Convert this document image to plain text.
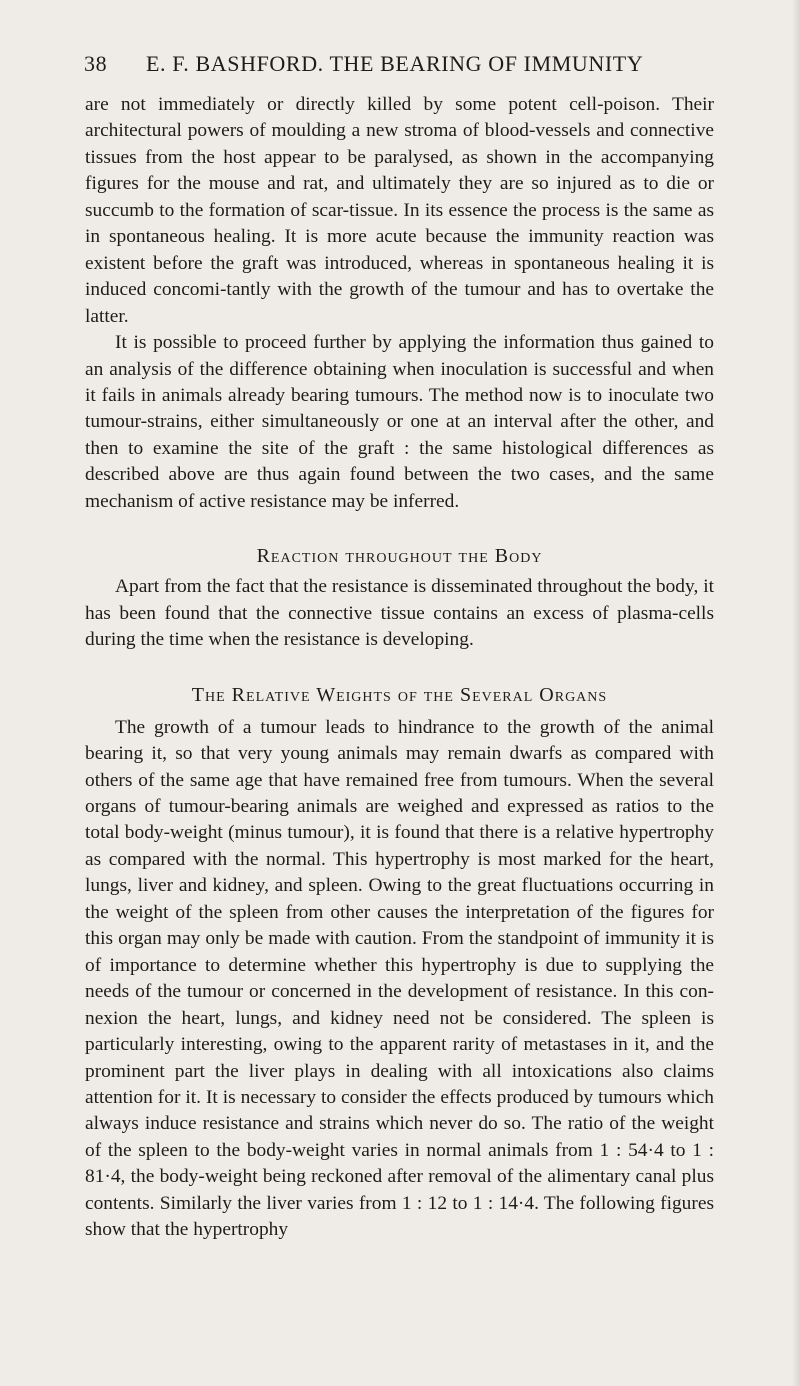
38 E. F. BASHFORD. THE BEARING OF IMMUNITY

are not immediately or directly killed by some potent cell-poison. Their architectural powers of moulding a new stroma of blood-vessels and connective tissues from the host appear to be paralysed, as shown in the accompanying figures for the mouse and rat, and ultimately they are so injured as to die or succumb to the formation of scar-tissue. In its essence the process is the same as in spontaneous healing. It is more acute because the immunity reaction was existent before the graft was introduced, whereas in spontaneous healing it is induced concomi-tantly with the growth of the tumour and has to overtake the latter.

It is possible to proceed further by applying the information thus gained to an analysis of the difference obtaining when inoculation is successful and when it fails in animals already bearing tumours. The method now is to inoculate two tumour-strains, either simultaneously or one at an interval after the other, and then to examine the site of the graft : the same histological differences as described above are thus again found between the two cases, and the same mechanism of active resistance may be inferred.

Reaction throughout the Body

Apart from the fact that the resistance is disseminated throughout the body, it has been found that the connective tissue contains an excess of plasma-cells during the time when the resistance is developing.

The Relative Weights of the Several Organs

The growth of a tumour leads to hindrance to the growth of the animal bearing it, so that very young animals may remain dwarfs as compared with others of the same age that have remained free from tumours. When the several organs of tumour-bearing animals are weighed and expressed as ratios to the total body-weight (minus tumour), it is found that there is a relative hypertrophy as compared with the normal. This hypertrophy is most marked for the heart, lungs, liver and kidney, and spleen. Owing to the great fluctuations occurring in the weight of the spleen from other causes the interpretation of the figures for this organ may only be made with caution. From the standpoint of immunity it is of importance to determine whether this hypertrophy is due to supplying the needs of the tumour or concerned in the development of resistance. In this con-nexion the heart, lungs, and kidney need not be considered. The spleen is particularly interesting, owing to the apparent rarity of metastases in it, and the prominent part the liver plays in dealing with all intoxications also claims attention for it. It is necessary to consider the effects produced by tumours which always induce resistance and strains which never do so. The ratio of the weight of the spleen to the body-weight varies in normal animals from 1 : 54·4 to 1 : 81·4, the body-weight being reckoned after removal of the alimentary canal plus contents. Similarly the liver varies from 1 : 12 to 1 : 14·4. The following figures show that the hypertrophy
